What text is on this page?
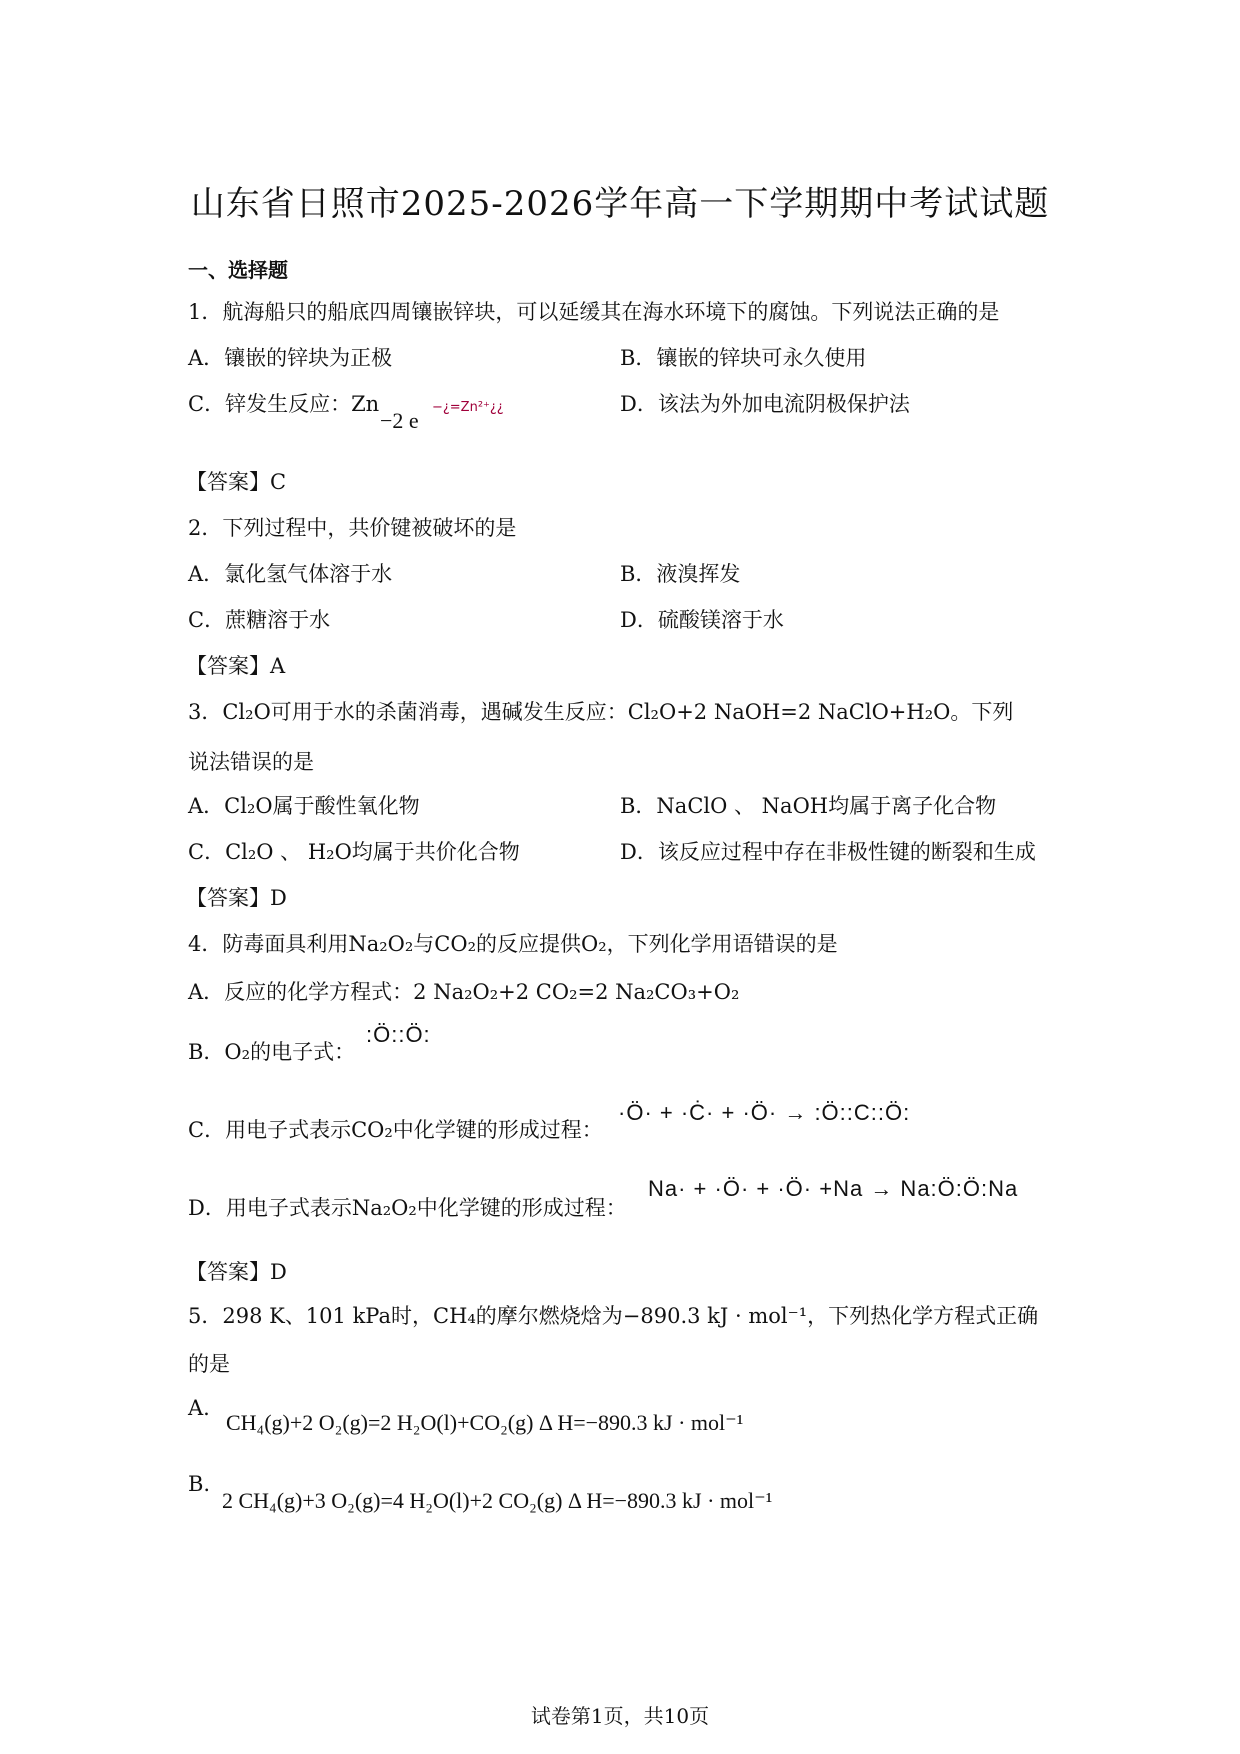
山东省日照市2025-2026学年高一下学期期中考试试题
一、选择题
1．航海船只的船底四周镶嵌锌块，可以延缓其在海水环境下的腐蚀。下列说法正确的是
A．镶嵌的锌块为正极	B．镶嵌的锌块可永久使用
C．锌发生反应：Zn
−2 e
−¿=Zn²⁺¿¿	D．该法为外加电流阴极保护法
【答案】C
2．下列过程中，共价键被破坏的是
A．氯化氢气体溶于水	B．液溴挥发
C．蔗糖溶于水	D．硫酸镁溶于水
【答案】A
3．Cl₂O可用于水的杀菌消毒，遇碱发生反应：Cl₂O+2 NaOH=2 NaClO+H₂O。下列
说法错误的是
A．Cl₂O属于酸性氧化物	B．NaClO 、 NaOH均属于离子化合物
C．Cl₂O 、 H₂O均属于共价化合物	D．该反应过程中存在非极性键的断裂和生成
【答案】D
4．防毒面具利用Na₂O₂与CO₂的反应提供O₂，下列化学用语错误的是
A．反应的化学方程式：2 Na₂O₂+2 CO₂=2 Na₂CO₃+O₂
B．O₂的电子式：
:Ö::Ö:
C．用电子式表示CO₂中化学键的形成过程：
·Ö· + ·Ċ· + ·Ö· → :Ö::C::Ö:
D．用电子式表示Na₂O₂中化学键的形成过程：
Na· + ·Ö· + ·Ö· +Na → Na:Ö:Ö:Na
【答案】D
5．298 K、101 kPa时，CH₄的摩尔燃烧焓为−890.3 kJ · mol⁻¹，下列热化学方程式正确
的是
A.
CH₄(g)+2 O₂(g)=2 H₂O(l)+CO₂(g) Δ H=−890.3 kJ · mol⁻¹
B.
2 CH₄(g)+3 O₂(g)=4 H₂O(l)+2 CO₂(g) Δ H=−890.3 kJ · mol⁻¹
试卷第1页，共10页
